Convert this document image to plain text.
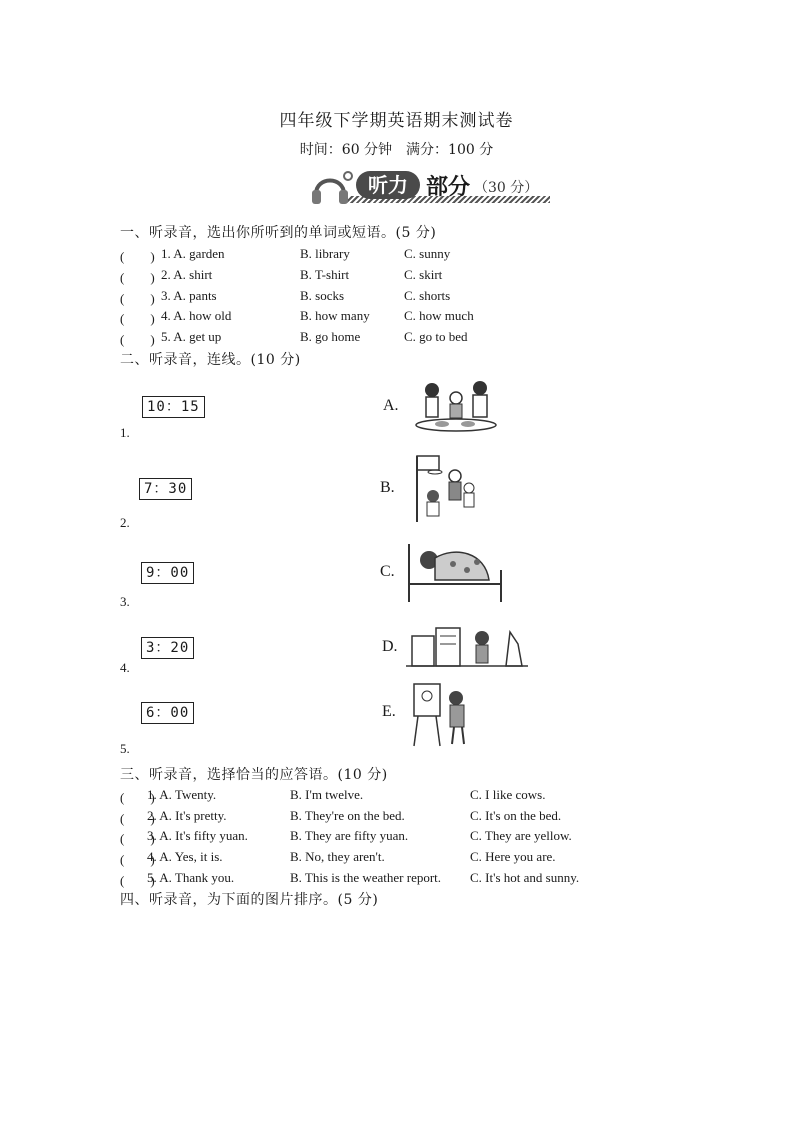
四年级下学期英语期末测试卷
时间：60 分钟　满分：100 分
听力 部分 （30 分）
一、听录音，选出你所听到的单词或短语。(5 分)
(　　) 1. A. garden	B. library	C. sunny
(　　) 2. A. shirt	B. T-shirt	C. skirt
(　　) 3. A. pants	B. socks	C. shorts
(　　) 4. A. how old	B. how many	C. how much
(　　) 5. A. get up	B. go home	C. go to bed
二、听录音，连线。(10 分)
10：15
1.
A.
7：30
2.
B.
9：00
3.
C.
3：20
4.
D.
6：00
5.
E.
三、听录音，选择恰当的应答语。(10 分)
(　　)
1. A. Twenty.	B. I'm twelve.	C. I like cows.
(　　)
2. A. It's pretty.	B. They're on the bed.	C. It's on the bed.
(　　)
3. A. It's fifty yuan.	B. They are fifty yuan.	C. They are yellow.
(　　)
4. A. Yes, it is.	B. No, they aren't.	C. Here you are.
(　　)
5. A. Thank you.	B. This is the weather report. C. It's hot and sunny.
四、听录音，为下面的图片排序。(5 分)
